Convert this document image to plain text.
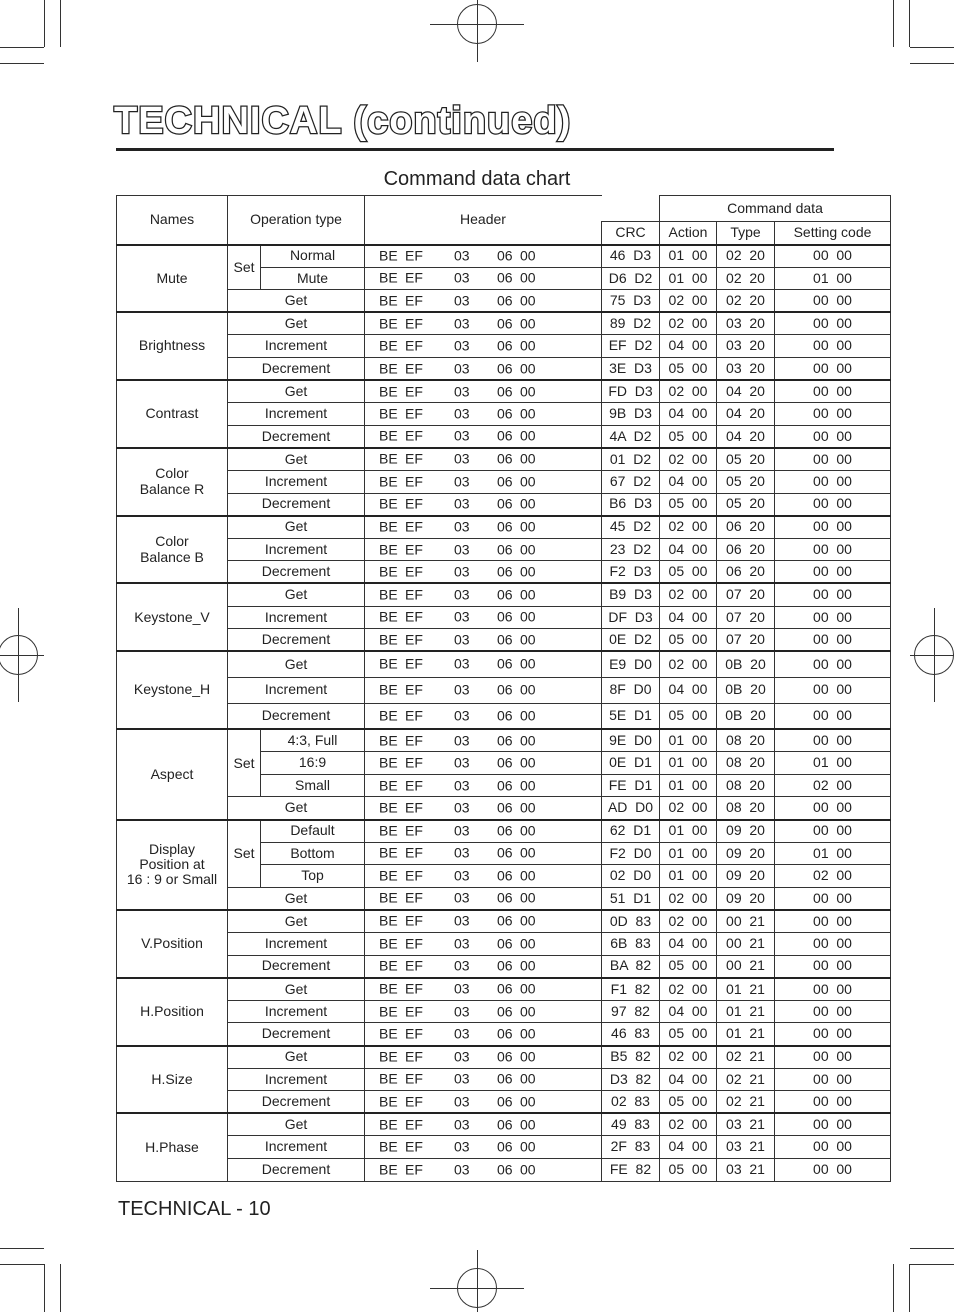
TECHNICAL (continued)
Command data chart
Names	Operation type		Header		Command data		
				CRC	Action	Type	Setting code
Mute	Set	Normal	BE EF 03 06 00	46  D3	01  00	02  20	00  00
		Mute	BE EF 03 06 00	D6  D2	01  00	02  20	01  00
	Get		BE EF 03 06 00	75  D3	02  00	02  20	00  00
Brightness	Get		BE EF 03 06 00	89  D2	02  00	03  20	00  00
	Increment		BE EF 03 06 00	EF  D2	04  00	03  20	00  00
	Decrement		BE EF 03 06 00	3E  D3	05  00	03  20	00  00
Contrast	Get		BE EF 03 06 00	FD  D3	02  00	04  20	00  00
	Increment		BE EF 03 06 00	9B  D3	04  00	04  20	00  00
	Decrement		BE EF 03 06 00	4A  D2	05  00	04  20	00  00
Color
Balance R	Get		BE EF 03 06 00	01  D2	02  00	05  20	00  00
	Increment		BE EF 03 06 00	67  D2	04  00	05  20	00  00
	Decrement		BE EF 03 06 00	B6  D3	05  00	05  20	00  00
Color
Balance B	Get		BE EF 03 06 00	45  D2	02  00	06  20	00  00
	Increment		BE EF 03 06 00	23  D2	04  00	06  20	00  00
	Decrement		BE EF 03 06 00	F2  D3	05  00	06  20	00  00
Keystone_V	Get		BE EF 03 06 00	B9  D3	02  00	07  20	00  00
	Increment		BE EF 03 06 00	DF  D3	04  00	07  20	00  00
	Decrement		BE EF 03 06 00	0E  D2	05  00	07  20	00  00
Keystone_H	Get		BE EF 03 06 00	E9  D0	02  00	0B  20	00  00
	Increment		BE EF 03 06 00	8F  D0	04  00	0B  20	00  00
	Decrement		BE EF 03 06 00	5E  D1	05  00	0B  20	00  00
Aspect	Set	4:3, Full	BE EF 03 06 00	9E  D0	01  00	08  20	00  00
		16:9	BE EF 03 06 00	0E  D1	01  00	08  20	01  00
		Small	BE EF 03 06 00	FE  D1	01  00	08  20	02  00
	Get		BE EF 03 06 00	AD  D0	02  00	08  20	00  00
Display
Position at
16 : 9 or Small	Set	Default	BE EF 03 06 00	62  D1	01  00	09  20	00  00
		Bottom	BE EF 03 06 00	F2  D0	01  00	09  20	01  00
		Top	BE EF 03 06 00	02  D0	01  00	09  20	02  00
	Get		BE EF 03 06 00	51  D1	02  00	09  20	00  00
V.Position	Get		BE EF 03 06 00	0D  83	02  00	00  21	00  00
	Increment		BE EF 03 06 00	6B  83	04  00	00  21	00  00
	Decrement		BE EF 03 06 00	BA  82	05  00	00  21	00  00
H.Position	Get		BE EF 03 06 00	F1  82	02  00	01  21	00  00
	Increment		BE EF 03 06 00	97  82	04  00	01  21	00  00
	Decrement		BE EF 03 06 00	46  83	05  00	01  21	00  00
H.Size	Get		BE EF 03 06 00	B5  82	02  00	02  21	00  00
	Increment		BE EF 03 06 00	D3  82	04  00	02  21	00  00
	Decrement		BE EF 03 06 00	02  83	05  00	02  21	00  00
H.Phase	Get		BE EF 03 06 00	49  83	02  00	03  21	00  00
	Increment		BE EF 03 06 00	2F  83	04  00	03  21	00  00
	Decrement		BE EF 03 06 00	FE  82	05  00	03  21	00  00
TECHNICAL - 10
